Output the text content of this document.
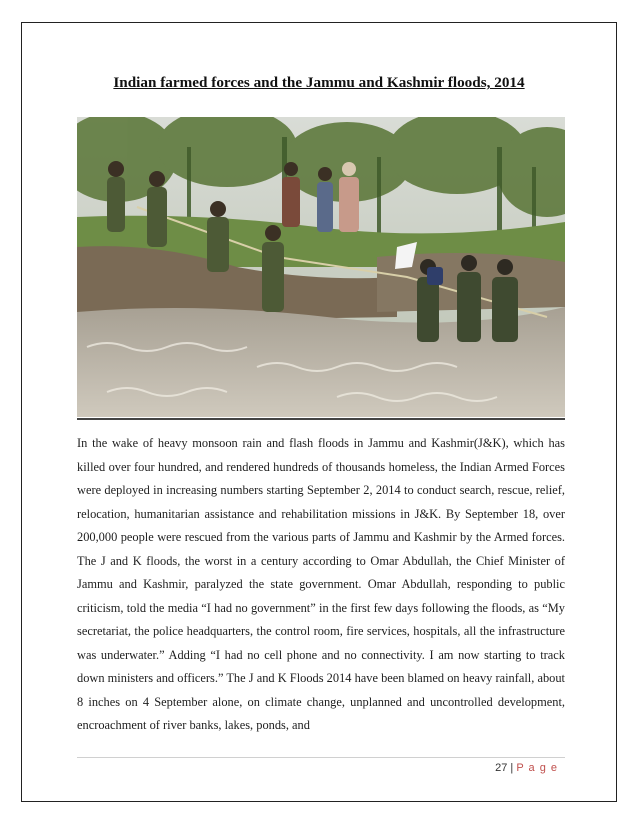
Indian farmed forces and the Jammu and Kashmir floods, 2014

In the wake of heavy monsoon rain and flash floods in Jammu and Kashmir(J&K), which has killed over four hundred, and rendered hundreds of thousands homeless, the Indian Armed Forces were deployed in increasing numbers starting September 2, 2014 to conduct search, rescue, relief, relocation, humanitarian assistance and rehabilitation missions in J&K. By September 18, over 200,000 people were rescued from the various parts of Jammu and Kashmir by the Armed forces. The J and K floods, the worst in a century according to Omar Abdullah, the Chief Minister of Jammu and Kashmir, paralyzed the state government. Omar Abdullah, responding to public criticism, told the media “I had no government” in the first few days following the floods, as “My secretariat, the police headquarters, the control room, fire services, hospitals, all the infrastructure was underwater.” Adding “I had no cell phone and no connectivity. I am now starting to track down ministers and officers.” The J and K Floods 2014 have been blamed on heavy rainfall, about 8 inches on 4 September alone, on climate change, unplanned and uncontrolled development, encroachment of river banks, lakes, ponds, and

27 | P a g e
